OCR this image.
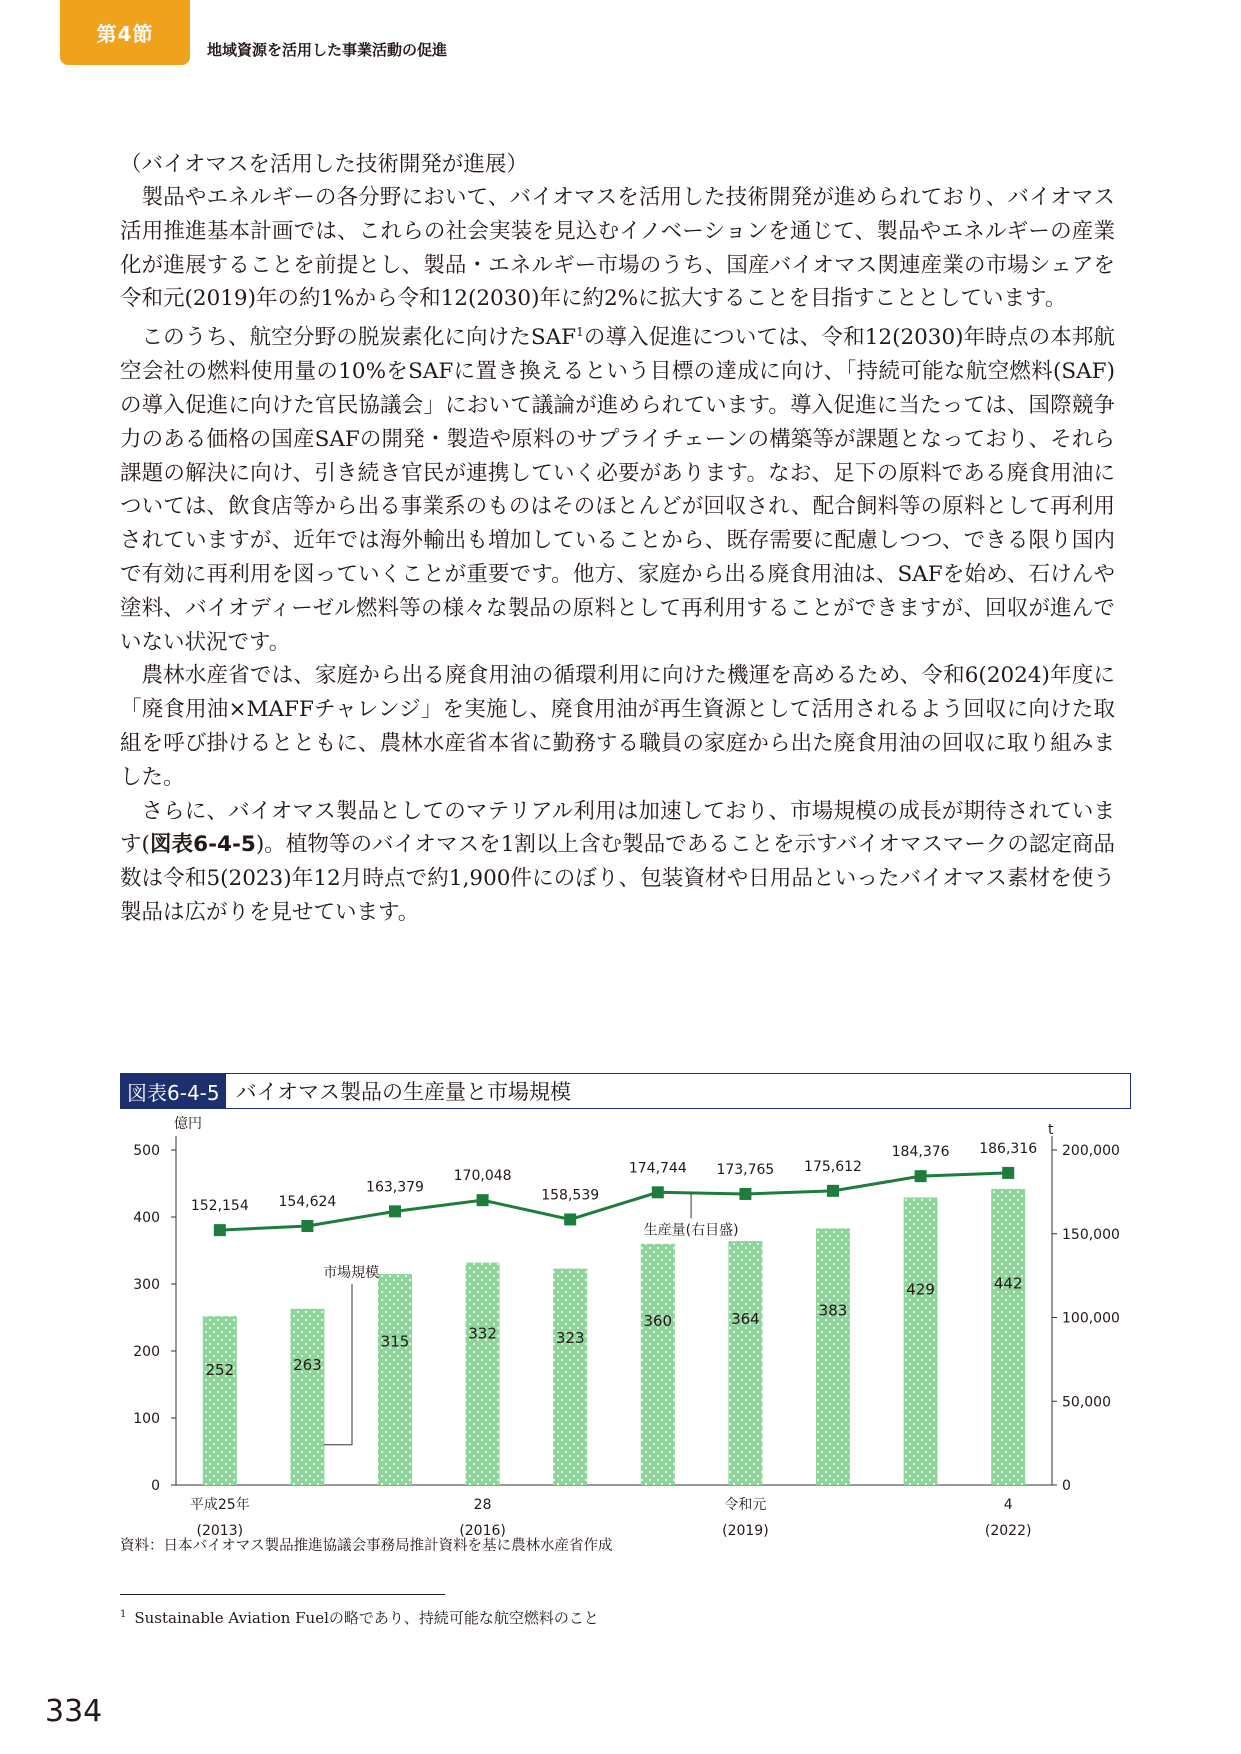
第4節
地域資源を活用した事業活動の促進
（バイオマスを活用した技術開発が進展）

製品やエネルギーの各分野において、バイオマスを活用した技術開発が進められており、バイオマス活用推進基本計画では、これらの社会実装を見込むイノベーションを通じて、製品やエネルギーの産業化が進展することを前提とし、製品・エネルギー市場のうち、国産バイオマス関連産業の市場シェアを令和元(2019)年の約1%から令和12(2030)年に約2%に拡大することを目指すこととしています。

このうち、航空分野の脱炭素化に向けたSAF$^1$の導入促進については、令和12(2030)年時点の本邦航空会社の燃料使用量の10%をSAFに置き換えるという目標の達成に向け、「持続可能な航空燃料(SAF)の導入促進に向けた官民協議会」において議論が進められています。導入促進に当たっては、国際競争力のある価格の国産SAFの開発・製造や原料のサプライチェーンの構築等が課題となっており、それら課題の解決に向け、引き続き官民が連携していく必要があります。なお、足下の原料である廃食用油については、飲食店等から出る事業系のものはそのほとんどが回収され、配合飼料等の原料として再利用されていますが、近年では海外輸出も増加していることから、既存需要に配慮しつつ、できる限り国内で有効に再利用を図っていくことが重要です。他方、家庭から出る廃食用油は、SAFを始め、石けんや塗料、バイオディーゼル燃料等の様々な製品の原料として再利用することができますが、回収が進んでいない状況です。

農林水産省では、家庭から出る廃食用油の循環利用に向けた機運を高めるため、令和6(2024)年度に「廃食用油×MAFFチャレンジ」を実施し、廃食用油が再生資源として活用されるよう回収に向けた取組を呼び掛けるとともに、農林水産省本省に勤務する職員の家庭から出た廃食用油の回収に取り組みました。

さらに、バイオマス製品としてのマテリアル利用は加速しており、市場規模の成長が期待されています(図表6-4-5)。植物等のバイオマスを1割以上含む製品であることを示すバイオマスマークの認定商品数は令和5(2023)年12月時点で約1,900件にのぼり、包装資材や日用品といったバイオマス素材を使う製品は広がりを見せています。

図表6-4-5 バイオマス製品の生産量と市場規模
0
100
200
300
400
500
億円
0
50,000
100,000
150,000
200,000
t
252	263
315	332	323
360	364	383
429	442
152,154 154,624
163,379
170,048
158,539
174,744 173,765 175,612
184,376 186,316
生産量(右目盛)
市場規模
平成25年
(2013)
28
(2016)
令和元
(2019)
4
(2022)
資料：日本バイオマス製品推進協議会事務局推計資料を基に農林水産省作成
$^1$ Sustainable Aviation Fuelの略であり、持続可能な航空燃料のこと
334
